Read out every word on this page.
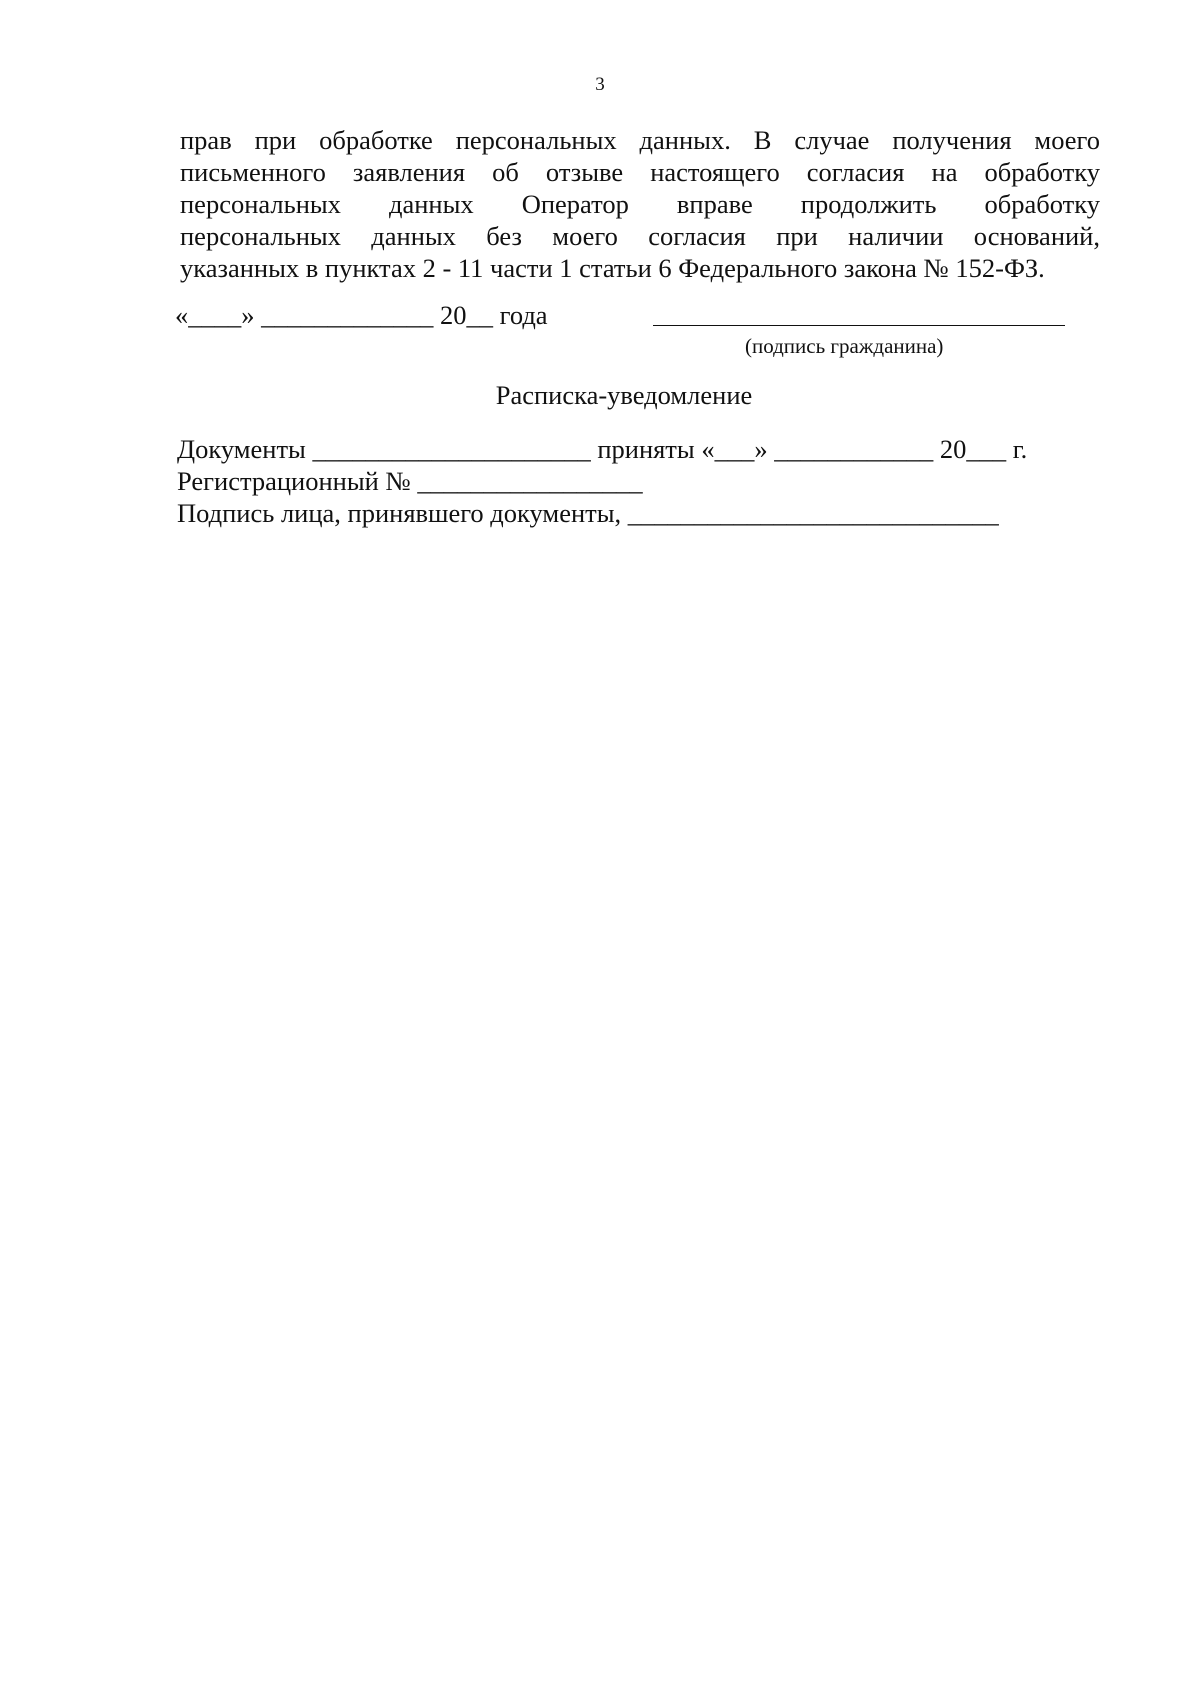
3
прав при обработке персональных данных. В случае получения моего
письменного заявления об отзыве настоящего согласия на обработку
персональных данных Оператор вправе продолжить обработку
персональных данных без моего согласия при наличии оснований,
указанных в пунктах 2 - 11 части 1 статьи 6 Федерального закона № 152-ФЗ.
«____» _____________ 20__ года
(подпись гражданина)
Расписка-уведомление
Документы _____________________ приняты «___» ____________ 20___ г.
Регистрационный № _________________
Подпись лица, принявшего документы, ____________________________
